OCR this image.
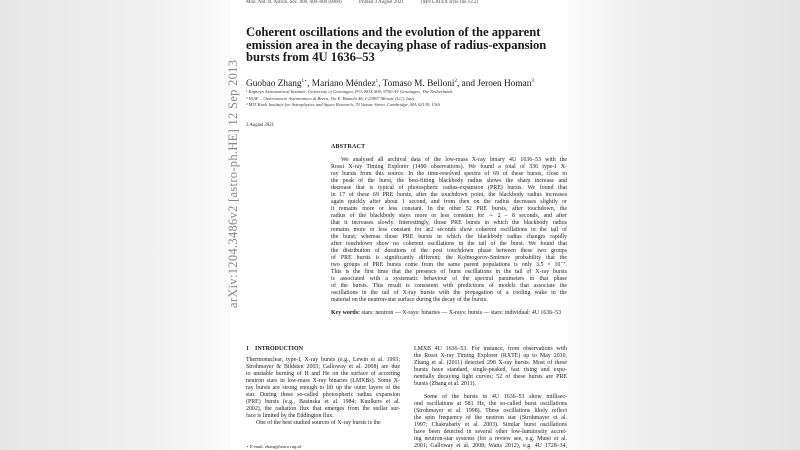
Mon. Not. R. Astron. Soc. 000, 000–000 (0000)	Printed 3 August 2021	(MN LATEX style file v2.2)
arXiv:1204.3486v2 [astro-ph.HE] 12 Sep 2013
Coherent oscillations and the evolution of the apparent
emission area in the decaying phase of radius-expansion
bursts from 4U 1636–53
Guobao Zhang$^{1⋆}$, Mariano Méndez$^1$, Tomaso M. Belloni$^2$, and Jeroen Homan$^3$
¹ Kapteyn Astronomical Institute, University of Groningen, P.O. BOX 800, 9700 AV Groningen, The Netherlands
² INAF – Osservatorio Astronomico di Brera, Via E. Bianchi 46, I-23807 Merate (LC), Italy
³ MIT Kavli Institute for Astrophysics and Space Research, 70 Vassar Street, Cambridge, MA 02139, USA
3 August 2021
ABSTRACT
We analysed all archival data of the low-mass X-ray binary 4U 1636–53 with the
Rossi X-ray Timing Explorer (1490 observations). We found a total of 336 type-I X-
ray bursts from this source. In the time-resolved spectra of 69 of these bursts, close to
the peak of the burst, the best-fitting blackbody radius shows the sharp increase and
decrease that is typical of photospheric radius-expansion (PRE) bursts. We found that
in 17 of these 69 PRE bursts, after the touchdown point, the blackbody radius increases
again quickly after about 1 second, and from then on the radius decreases slightly or
it remains more or less constant. In the other 52 PRE bursts, after touchdown, the
radius of the blackbody stays more or less constant for ∼ 2 – 8 seconds, and after
that it increases slowly. Interestingly, those PRE bursts in which the blackbody radius
remains more or less constant for ≳2 seconds show coherent oscillations in the tail of
the burst, whereas those PRE bursts in which the blackbody radius changes rapidly
after touchdown show no coherent oscillations in the tail of the burst. We found that
the distribution of durations of the post touchdown phase between these two groups
of PRE bursts is significantly different; the Kolmogorov-Smirnov probability that the
two groups of PRE bursts come from the same parent populations is only 3.5 × 10⁻⁷.
This is the first time that the presence of burst oscillations in the tail of X-ray bursts
is associated with a systematic behaviour of the spectral parameters in that phase
of the bursts. This result is consistent with predictions of models that associate the
oscillations in the tail of X-ray bursts with the propagation of a cooling wake in the
material on the neutron-star surface during the decay of the bursts.
Key words: stars: neutron — X-rays: binaries — X-rays: bursts — stars: individual: 4U 1636–53
1 INTRODUCTION
Thermonuclear, type-I, X-ray bursts (e.g., Lewin et al. 1993;
Strohmayer & Bildsten 2003; Galloway et al. 2008) are due
to unstable burning of H and He on the surface of accreting
neutron stars in low-mass X-ray binaries (LMXBs). Some X-
ray bursts are strong enough to lift up the outer layers of the
star. During these so-called photospheric radius expansion
(PRE) bursts (e.g., Basinska et al. 1984; Kuulkers et al.
2002), the radiation flux that emerges from the stellar sur-
face is limited by the Eddington flux.
One of the best studied sources of X-ray bursts is the
LMXB 4U 1636–53. For instance, from observations with
the Rossi X-ray Timing Explorer (RXTE) up to May 2010,
Zhang et al. (2011) detected 298 X-ray bursts. Most of these
bursts have standard, single-peaked, fast rising and expo-
nentially decaying light curves; 52 of these bursts are PRE
bursts (Zhang et al. 2011).
Some of the bursts in 4U 1636–53 show millisec-
ond oscillations at 581 Hz, the so-called burst oscillations
(Strohmayer et al. 1998). These oscillations likely reflect
the spin frequency of the neutron star (Strohmayer et al.
1997; Chakrabarty et al. 2003). Similar burst oscillations
have been detected in several other low-luminosity accret-
ing neutron-star systems (for a review see, e.g. Muno et al.
2001; Galloway et al. 2008; Watts 2012), e.g. 4U 1728–34,
⋆ E-mail: zhang@astro.rug.nl
